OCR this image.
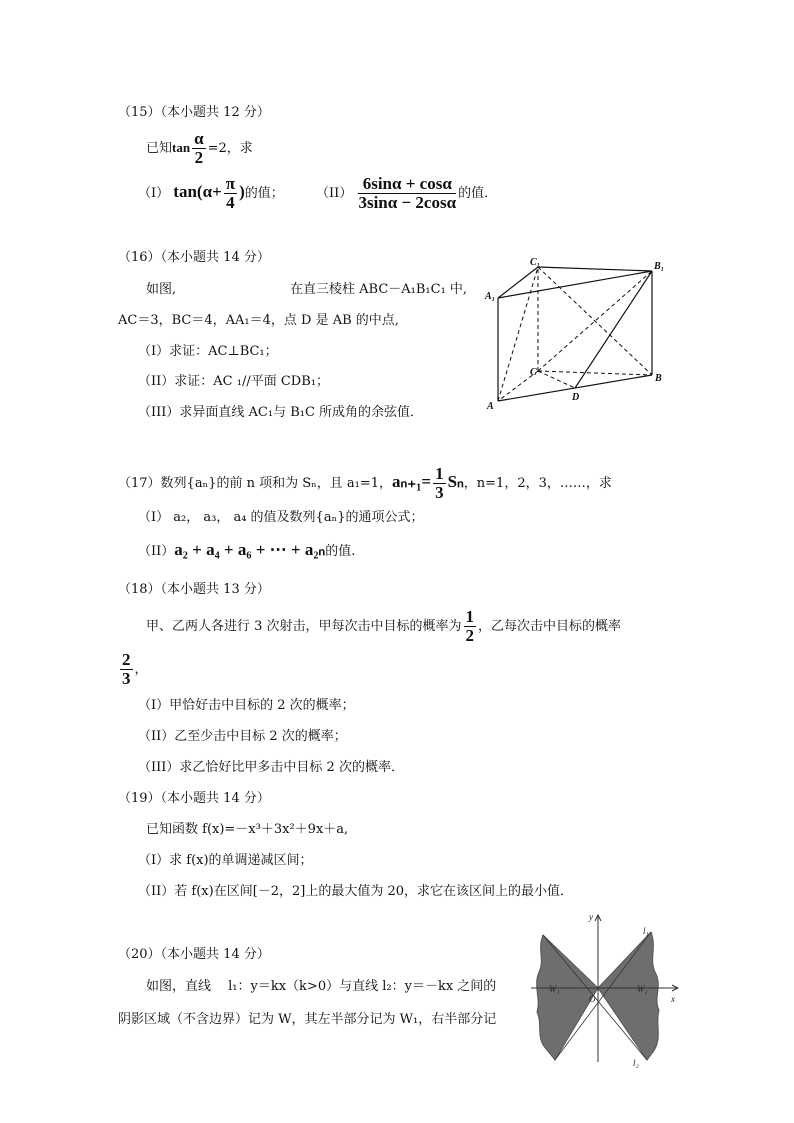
（15）（本小题共 12 分）
已知$\tan \frac{\alpha}{2} =2$，求
（I） $\tan(\alpha+ \frac{\pi}{4}$ )的值； $(II) \frac{6\sin\alpha + \cos\alpha}{3\sin\alpha - 2\cos\alpha}$ 的值．
（16）（本小题共 14 分）
如图,	在直三棱柱 ABC－A₁B₁C₁ 中,
AC＝3，BC＝4，AA₁＝4，点 D 是 AB 的中点,
（I）求证：AC⊥BC₁；
（II）求证：AC ₁//平面 CDB₁；
（III）求异面直线 AC₁与 B₁C 所成角的余弦值．
C₁	B₁
A₁
C
B
A
D
（17）数列{aₙ}的前 n 项和为 Sₙ，且 a₁=1，$a_{n+1}= \frac{1}{3}$ Sₙ，n=1，2，3，……，求
（I） a₂， a₃， a₄ 的值及数列{aₙ}的通项公式；
（II）a₂ + a₄ + a₆ + ⋯ + a₂ₙ的值.
（18）（本小题共 13 分）
甲、乙两人各进行 3 次射击，甲每次击中目标的概率为 $\frac{1}{2}$ ，乙每次击中目标的概率
$\frac{2}{3}$ ，
（I）甲恰好击中目标的 2 次的概率；
（II）乙至少击中目标 2 次的概率；
（III）求乙恰好比甲多击中目标 2 次的概率．
（19）（本小题共 14 分）
已知函数 f(x)=－x³＋3x²＋9x＋a,
（I）求 f(x)的单调递减区间；
（II）若 f(x)在区间[－2，2]上的最大值为 20，求它在该区间上的最小值．
（20）（本小题共 14 分）
如图，直线　 l₁：y＝kx（k>0）与直线 l₂：y＝－kx 之间的
阴影区域（不含边界）记为 W，其左半部分记为 W₁，右半部分记
y
x
O
l₁
l₂
W₁	W₂
